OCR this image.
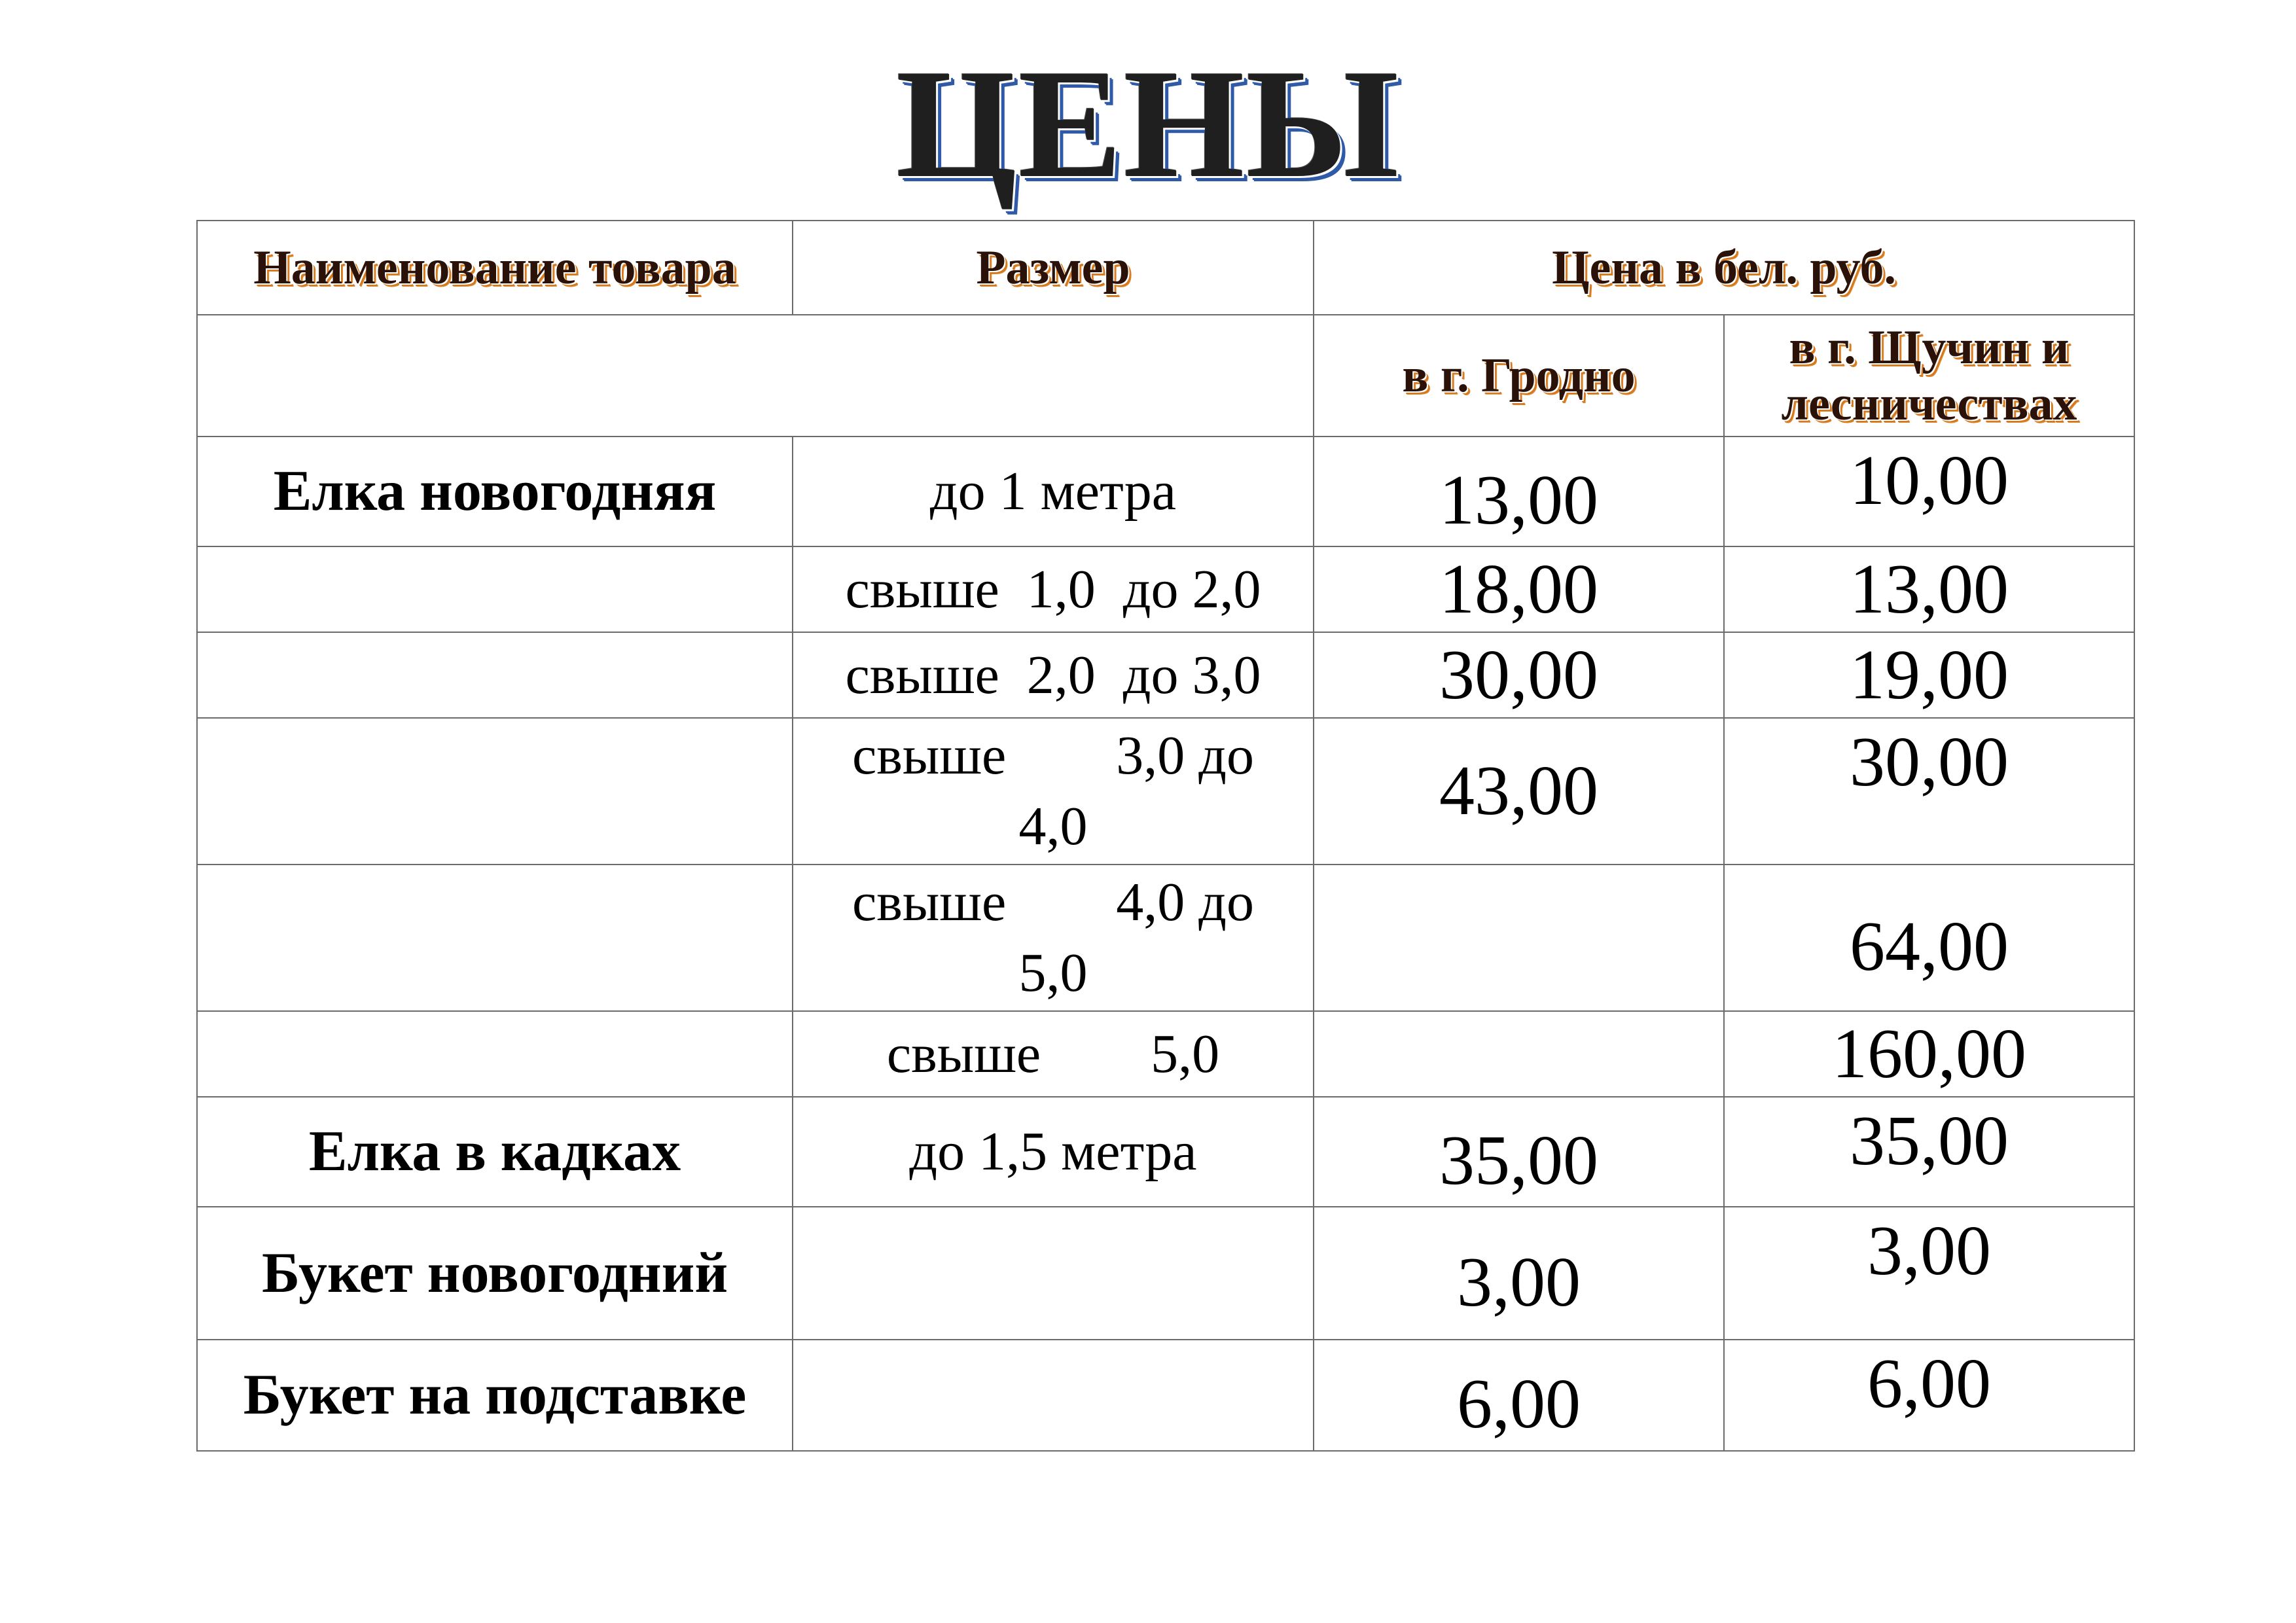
ЦЕНЫ
Наименование товара	Размер	Цена в бел. руб.	
		в г. Гродно	в г. Щучин и
лесничествах

Елка новогодняя	до 1 метра	13,00	10,00
	свыше  1,0  до 2,0	18,00	13,00
	свыше  2,0  до 3,0	30,00	19,00

	свыше        3,0 до
4,0	43,00	30,00

	свыше        4,0 до
5,0		64,00
	свыше        5,0		160,00
Елка в кадках	до 1,5 метра	35,00	35,00
Букет новогодний		3,00	3,00
Букет на подставке		6,00	6,00
